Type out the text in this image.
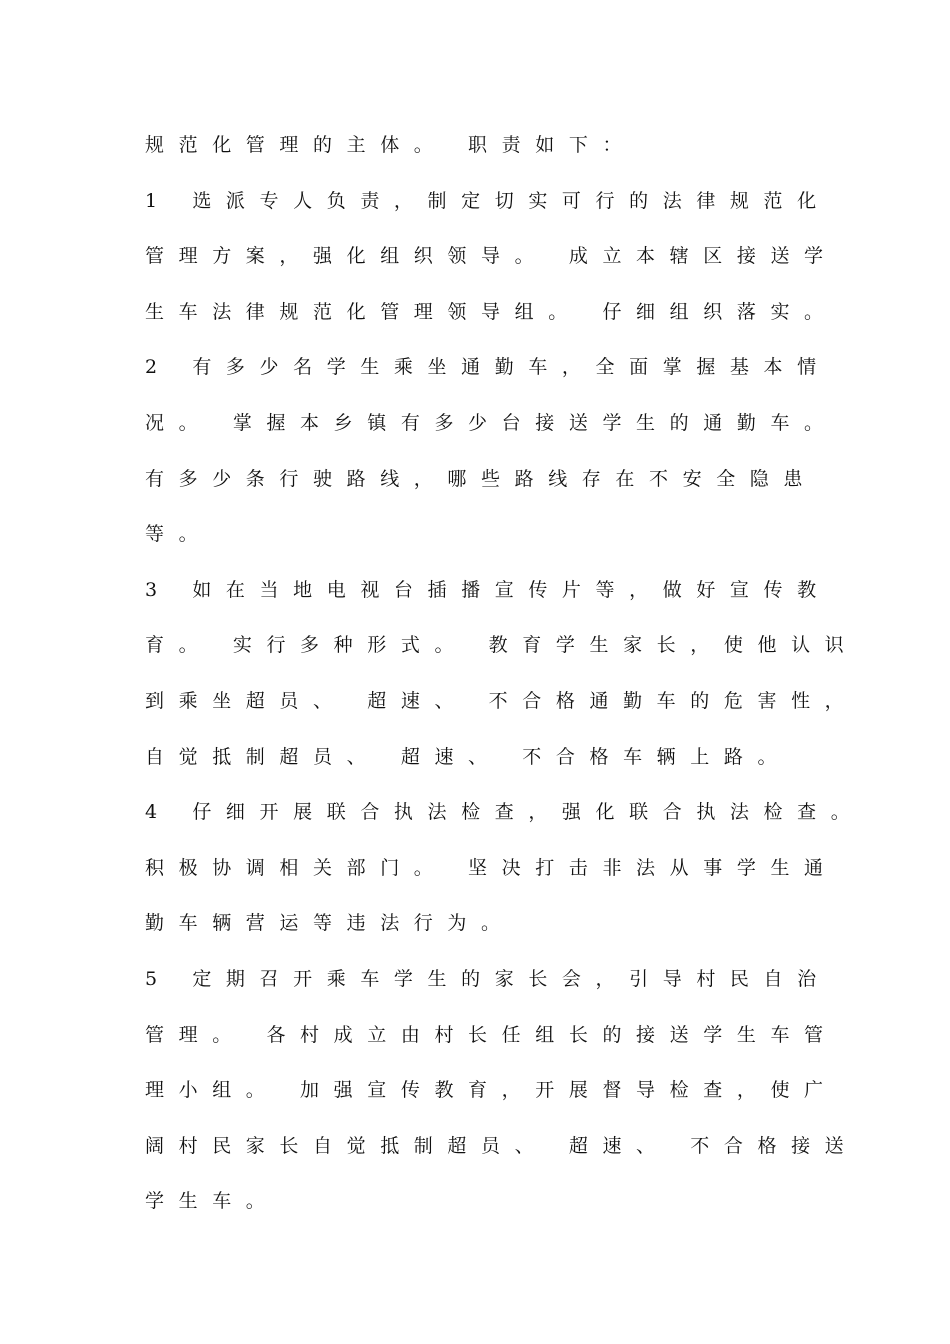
规范化管理的主体。 职责如下：
1 选派专人负责，制定切实可行的法律规范化
管理方案，强化组织领导。 成立本辖区接送学
生车法律规范化管理领导组。 仔细组织落实。
2 有多少名学生乘坐通勤车，全面掌握基本情
况。 掌握本乡镇有多少台接送学生的通勤车。
有多少条行驶路线，哪些路线存在不安全隐患
等。
3 如在当地电视台插播宣传片等，做好宣传教
育。 实行多种形式。 教育学生家长，使他认识
到乘坐超员、 超速、 不合格通勤车的危害性，
自觉抵制超员、 超速、 不合格车辆上路。
4 仔细开展联合执法检查，强化联合执法检查。
积极协调相关部门。 坚决打击非法从事学生通
勤车辆营运等违法行为。
5 定期召开乘车学生的家长会，引导村民自治
管理。 各村成立由村长任组长的接送学生车管
理小组。 加强宣传教育，开展督导检查，使广
阔村民家长自觉抵制超员、 超速、 不合格接送
学生车。
